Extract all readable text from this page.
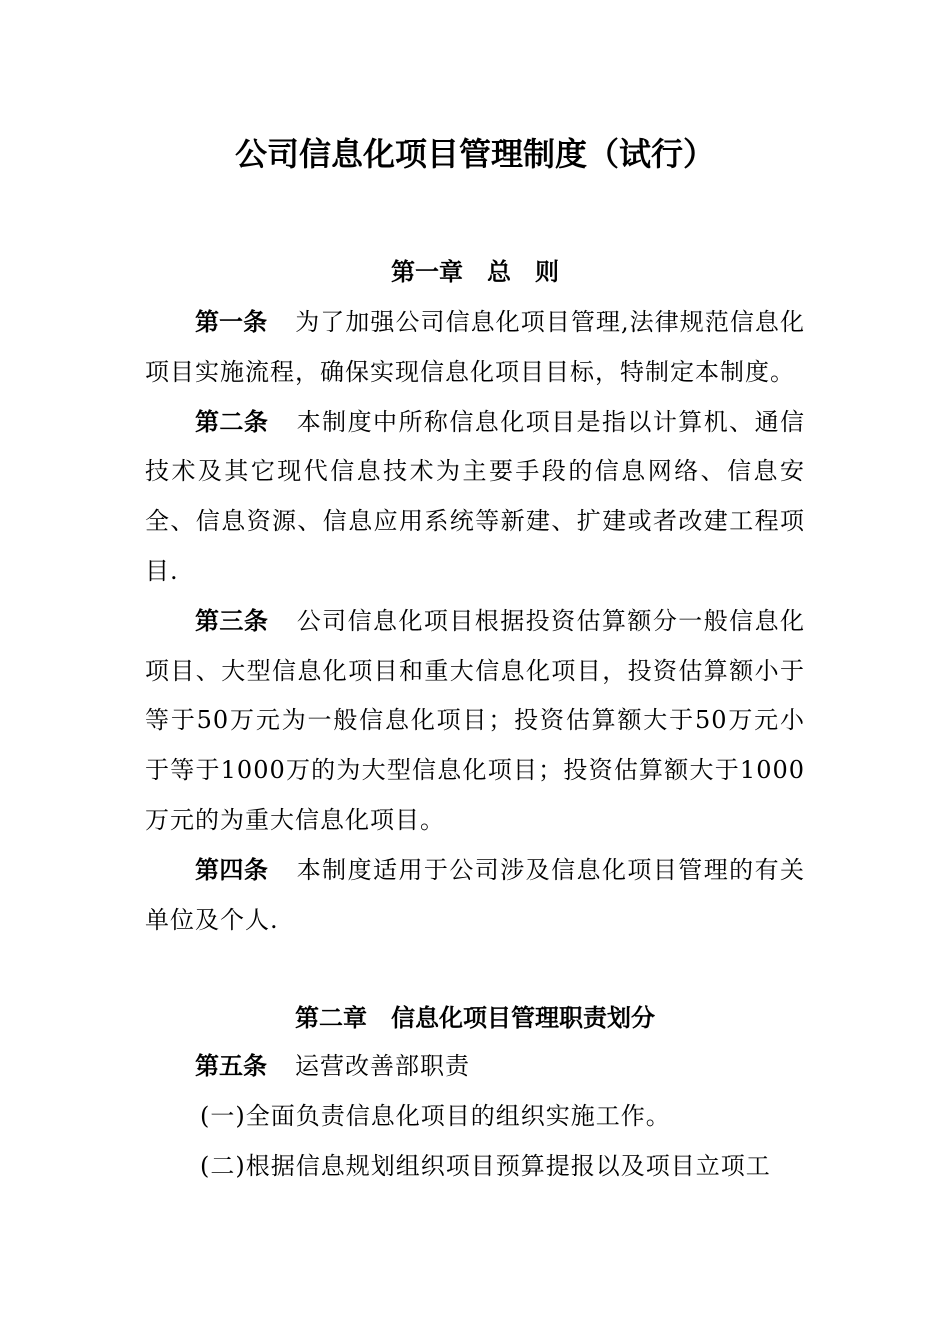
公司信息化项目管理制度（试行）
第一章　总　则

第一条 为了加强公司信息化项目管理,法律规范信息化项目实施流程，确保实现信息化项目目标，特制定本制度。

第二条 本制度中所称信息化项目是指以计算机、通信技术及其它现代信息技术为主要手段的信息网络、信息安全、信息资源、信息应用系统等新建、扩建或者改建工程项目.

第三条 公司信息化项目根据投资估算额分一般信息化项目、大型信息化项目和重大信息化项目，投资估算额小于等于50万元为一般信息化项目；投资估算额大于50万元小于等于1000万的为大型信息化项目；投资估算额大于1000万元的为重大信息化项目。

第四条 本制度适用于公司涉及信息化项目管理的有关单位及个人.

第二章　信息化项目管理职责划分

第五条 运营改善部职责

(一)全面负责信息化项目的组织实施工作。

(二)根据信息规划组织项目预算提报以及项目立项工
